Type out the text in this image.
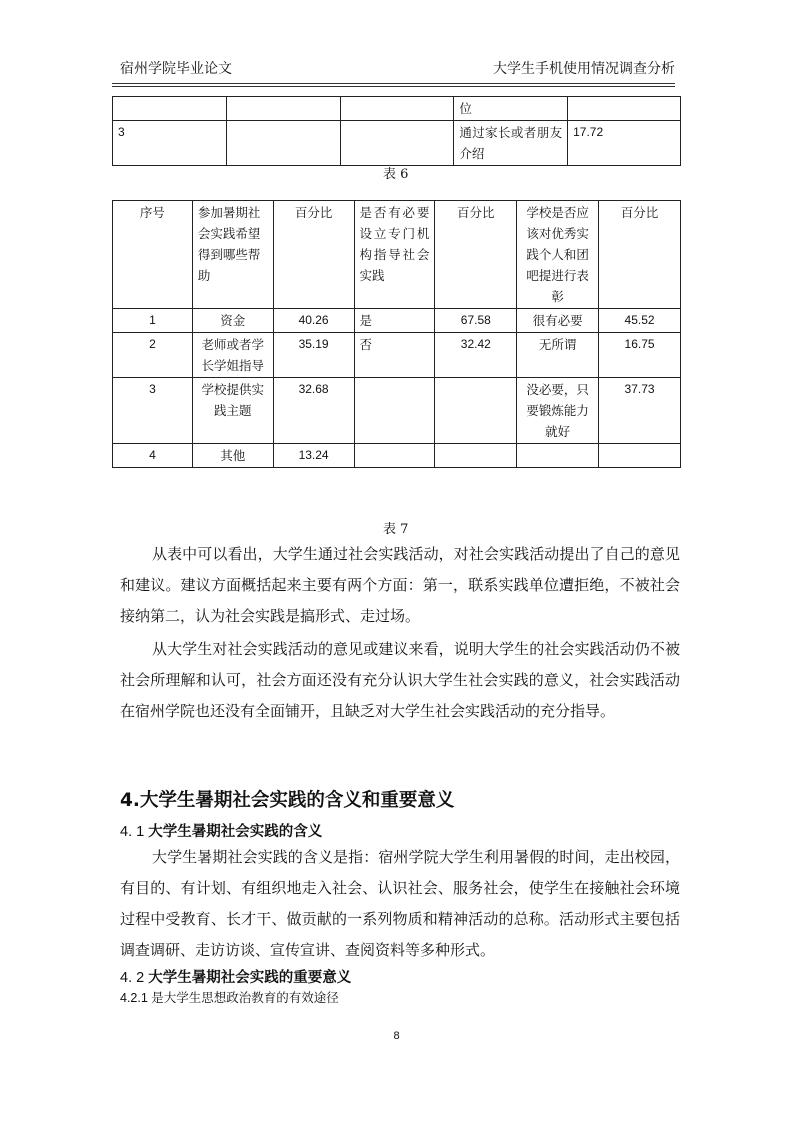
宿州学院毕业论文	大学生手机使用情况调查分析
			位	
3			通过家长或者朋友介绍	17.72
表 6
序号	参加暑期社会实践希望得到哪些帮助	百分比	是否有必要设立专门机构指导社会实践	百分比	学校是否应该对优秀实践个人和团吧提进行表彰	百分比
1	资金	40.26	是	67.58	很有必要	45.52
2	老师或者学长学姐指导	35.19	否	32.42	无所谓	16.75
3	学校提供实践主题	32.68			没必要，只要锻炼能力就好	37.73
4	其他	13.24				
表 7

从表中可以看出，大学生通过社会实践活动，对社会实践活动提出了自己的意见和建议。建议方面概括起来主要有两个方面：第一，联系实践单位遭拒绝，不被社会接纳第二，认为社会实践是搞形式、走过场。

从大学生对社会实践活动的意见或建议来看，说明大学生的社会实践活动仍不被社会所理解和认可，社会方面还没有充分认识大学生社会实践的意义，社会实践活动在宿州学院也还没有全面铺开，且缺乏对大学生社会实践活动的充分指导。

4.大学生暑期社会实践的含义和重要意义
4. 1 大学生暑期社会实践的含义

大学生暑期社会实践的含义是指：宿州学院大学生利用暑假的时间，走出校园，有目的、有计划、有组织地走入社会、认识社会、服务社会，使学生在接触社会环境过程中受教育、长才干、做贡献的一系列物质和精神活动的总称。活动形式主要包括调查调研、走访访谈、宣传宣讲、查阅资料等多种形式。

4. 2 大学生暑期社会实践的重要意义
4.2.1 是大学生思想政治教育的有效途径
8
